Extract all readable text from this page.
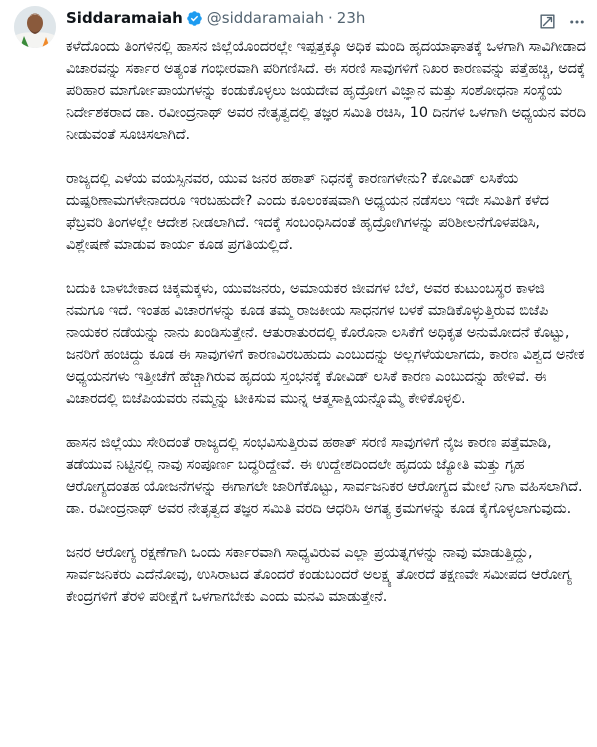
Siddaramaiah @siddaramaiah · 23h

ಕಳೆದೊಂದು ತಿಂಗಳಿನಲ್ಲಿ ಹಾಸನ ಜಿಲ್ಲೆಯೊಂದರಲ್ಲೇ ಇಪ್ಪತ್ತಕ್ಕೂ ಅಧಿಕ ಮಂದಿ ಹೃದಯಾಘಾತಕ್ಕೆ ಒಳಗಾಗಿ ಸಾವಿಗೀಡಾದ ವಿಚಾರವನ್ನು ಸರ್ಕಾರ ಅತ್ಯಂತ ಗಂಭೀರವಾಗಿ ಪರಿಗಣಿಸಿದೆ. ಈ ಸರಣಿ ಸಾವುಗಳಿಗೆ ನಿಖರ ಕಾರಣವನ್ನು ಪತ್ತೆಹಚ್ಚಿ, ಅದಕ್ಕೆ ಪರಿಹಾರ ಮಾರ್ಗೋಪಾಯಗಳನ್ನು ಕಂಡುಕೊಳ್ಳಲು ಜಯದೇವ ಹೃದ್ರೋಗ ವಿಜ್ಞಾನ ಮತ್ತು ಸಂಶೋಧನಾ ಸಂಸ್ಥೆಯ ನಿರ್ದೇಶಕರಾದ ಡಾ. ರವೀಂದ್ರನಾಥ್ ಅವರ ನೇತೃತ್ವದಲ್ಲಿ ತಜ್ಞರ ಸಮಿತಿ ರಚಿಸಿ, 10 ದಿನಗಳ ಒಳಗಾಗಿ ಅಧ್ಯಯನ ವರದಿ ನೀಡುವಂತೆ ಸೂಚಿಸಲಾಗಿದೆ.

ರಾಜ್ಯದಲ್ಲಿ ಎಳೆಯ ವಯಸ್ಸಿನವರ, ಯುವ ಜನರ ಹಠಾತ್ ನಿಧನಕ್ಕೆ ಕಾರಣಗಳೇನು? ಕೋವಿಡ್ ಲಸಿಕೆಯ ದುಷ್ಪರಿಣಾಮಗಳೇನಾದರೂ ಇರಬಹುದೇ? ಎಂದು ಕೂಲಂಕಷವಾಗಿ ಅಧ್ಯಯನ ನಡೆಸಲು ಇದೇ ಸಮಿತಿಗೆ ಕಳೆದ ಫೆಬ್ರವರಿ ತಿಂಗಳಲ್ಲೇ ಆದೇಶ ನೀಡಲಾಗಿದೆ. ಇದಕ್ಕೆ ಸಂಬಂಧಿಸಿದಂತೆ ಹೃದ್ರೋಗಿಗಳನ್ನು ಪರಿಶೀಲನೆಗೊಳಪಡಿಸಿ, ವಿಶ್ಲೇಷಣೆ ಮಾಡುವ ಕಾರ್ಯ ಕೂಡ ಪ್ರಗತಿಯಲ್ಲಿದೆ.

ಬದುಕಿ ಬಾಳಬೇಕಾದ ಚಿಕ್ಕಮಕ್ಕಳು, ಯುವಜನರು, ಅಮಾಯಕರ ಜೀವಗಳ ಬೆಲೆ, ಅವರ ಕುಟುಂಬಸ್ಥರ ಕಾಳಜಿ ನಮಗೂ ಇದೆ. ಇಂತಹ ವಿಚಾರಗಳನ್ನು ಕೂಡ ತಮ್ಮ ರಾಜಕೀಯ ಸಾಧನಗಳ ಬಳಕೆ ಮಾಡಿಕೊಳ್ಳುತ್ತಿರುವ ಬಿಜೆಪಿ ನಾಯಕರ ನಡೆಯನ್ನು ನಾನು ಖಂಡಿಸುತ್ತೇನೆ. ಆತುರಾತುರದಲ್ಲಿ ಕೊರೊನಾ ಲಸಿಕೆಗೆ ಅಧಿಕೃತ ಅನುಮೋದನೆ ಕೊಟ್ಟು, ಜನರಿಗೆ ಹಂಚಿದ್ದು ಕೂಡ ಈ ಸಾವುಗಳಿಗೆ ಕಾರಣವಿರಬಹುದು ಎಂಬುದನ್ನು ಅಲ್ಲಗಳೆಯಲಾಗದು, ಕಾರಣ ವಿಶ್ವದ ಅನೇಕ ಅಧ್ಯಯನಗಳು ಇತ್ತೀಚೆಗೆ ಹೆಚ್ಚಾಗಿರುವ ಹೃದಯ ಸ್ತಂಭನಕ್ಕೆ ಕೋವಿಡ್ ಲಸಿಕೆ ಕಾರಣ ಎಂಬುದನ್ನು ಹೇಳಿವೆ. ಈ ವಿಚಾರದಲ್ಲಿ ಬಿಜೆಪಿಯವರು ನಮ್ಮನ್ನು ಟೀಕಿಸುವ ಮುನ್ನ ಆತ್ಮಸಾಕ್ಷಿಯನ್ನೊಮ್ಮೆ ಕೇಳಿಕೊಳ್ಳಲಿ.

ಹಾಸನ ಜಿಲ್ಲೆಯು ಸೇರಿದಂತೆ ರಾಜ್ಯದಲ್ಲಿ ಸಂಭವಿಸುತ್ತಿರುವ ಹಠಾತ್ ಸರಣಿ ಸಾವುಗಳಿಗೆ ನೈಜ ಕಾರಣ ಪತ್ತೆಮಾಡಿ, ತಡೆಯುವ ನಿಟ್ಟಿನಲ್ಲಿ ನಾವು ಸಂಪೂರ್ಣ ಬದ್ಧರಿದ್ದೇವೆ. ಈ ಉದ್ದೇಶದಿಂದಲೇ ಹೃದಯ ಜ್ಯೋತಿ ಮತ್ತು ಗೃಹ ಆರೋಗ್ಯದಂತಹ ಯೋಜನೆಗಳನ್ನು ಈಗಾಗಲೇ ಜಾರಿಗೆಕೊಟ್ಟು, ಸಾರ್ವಜನಿಕರ ಆರೋಗ್ಯದ ಮೇಲೆ ನಿಗಾ ವಹಿಸಲಾಗಿದೆ. ಡಾ. ರವೀಂದ್ರನಾಥ್ ಅವರ ನೇತೃತ್ವದ ತಜ್ಞರ ಸಮಿತಿ ವರದಿ ಆಧರಿಸಿ ಅಗತ್ಯ ಕ್ರಮಗಳನ್ನು ಕೂಡ ಕೈಗೊಳ್ಳಲಾಗುವುದು.

ಜನರ ಆರೋಗ್ಯ ರಕ್ಷಣೆಗಾಗಿ ಒಂದು ಸರ್ಕಾರವಾಗಿ ಸಾಧ್ಯವಿರುವ ಎಲ್ಲಾ ಪ್ರಯತ್ನಗಳನ್ನು ನಾವು ಮಾಡುತ್ತಿದ್ದು, ಸಾರ್ವಜನಿಕರು ಎದೆನೋವು, ಉಸಿರಾಟದ ತೊಂದರೆ ಕಂಡುಬಂದರೆ ಅಲಕ್ಷ್ಯ ತೋರದೆ ತಕ್ಷಣವೇ ಸಮೀಪದ ಆರೋಗ್ಯ ಕೇಂದ್ರಗಳಿಗೆ ತೆರಳಿ ಪರೀಕ್ಷೆಗೆ ಒಳಗಾಗಬೇಕು ಎಂದು ಮನವಿ ಮಾಡುತ್ತೇನೆ.
